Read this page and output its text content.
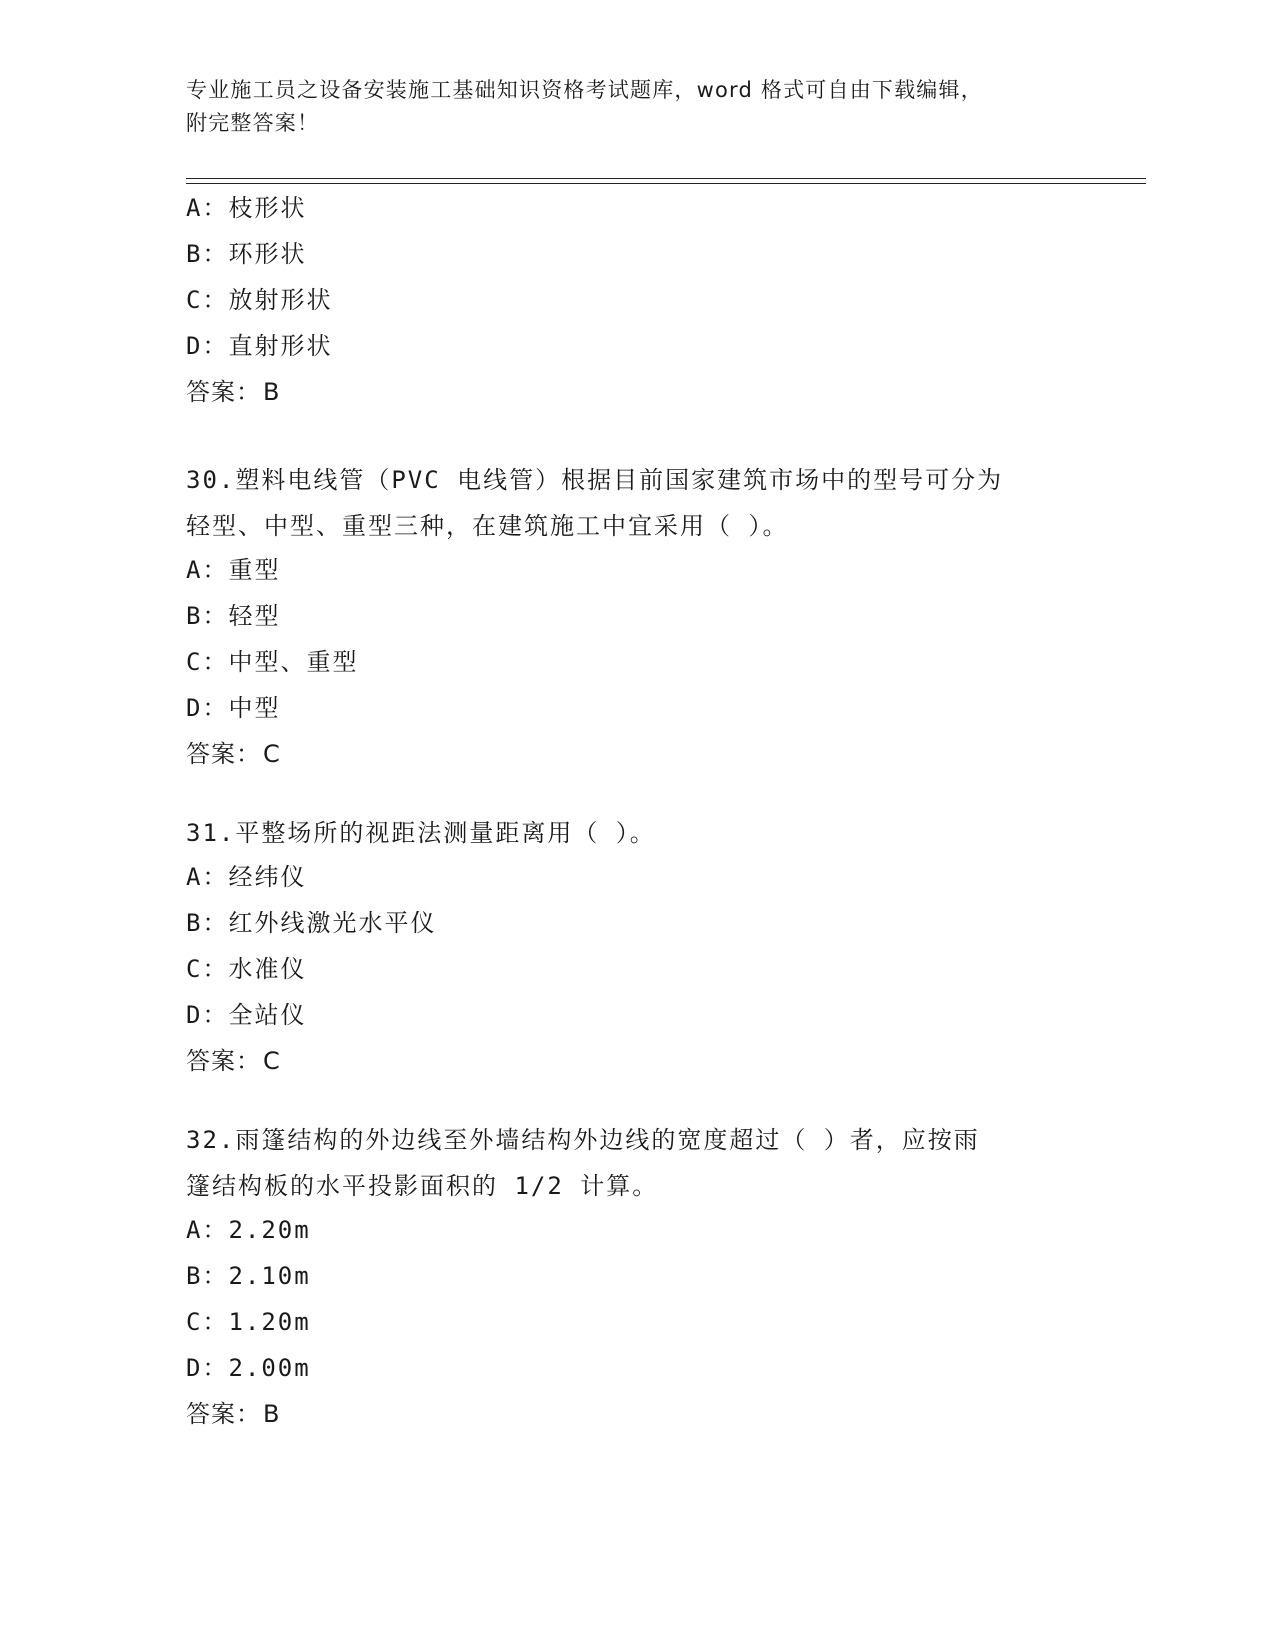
专业施工员之设备安装施工基础知识资格考试题库，word 格式可自由下载编辑，
附完整答案！
A：枝形状
B：环形状
C：放射形状
D：直射形状
答案：B
30.塑料电线管（PVC 电线管）根据目前国家建筑市场中的型号可分为
轻型、中型、重型三种，在建筑施工中宜采用（ ）。
A：重型
B：轻型
C：中型、重型
D：中型
答案：C
31.平整场所的视距法测量距离用（ ）。
A：经纬仪
B：红外线激光水平仪
C：水准仪
D：全站仪
答案：C
32.雨篷结构的外边线至外墙结构外边线的宽度超过（ ）者，应按雨
篷结构板的水平投影面积的 1/2 计算。
A：2.20m
B：2.10m
C：1.20m
D：2.00m
答案：B
